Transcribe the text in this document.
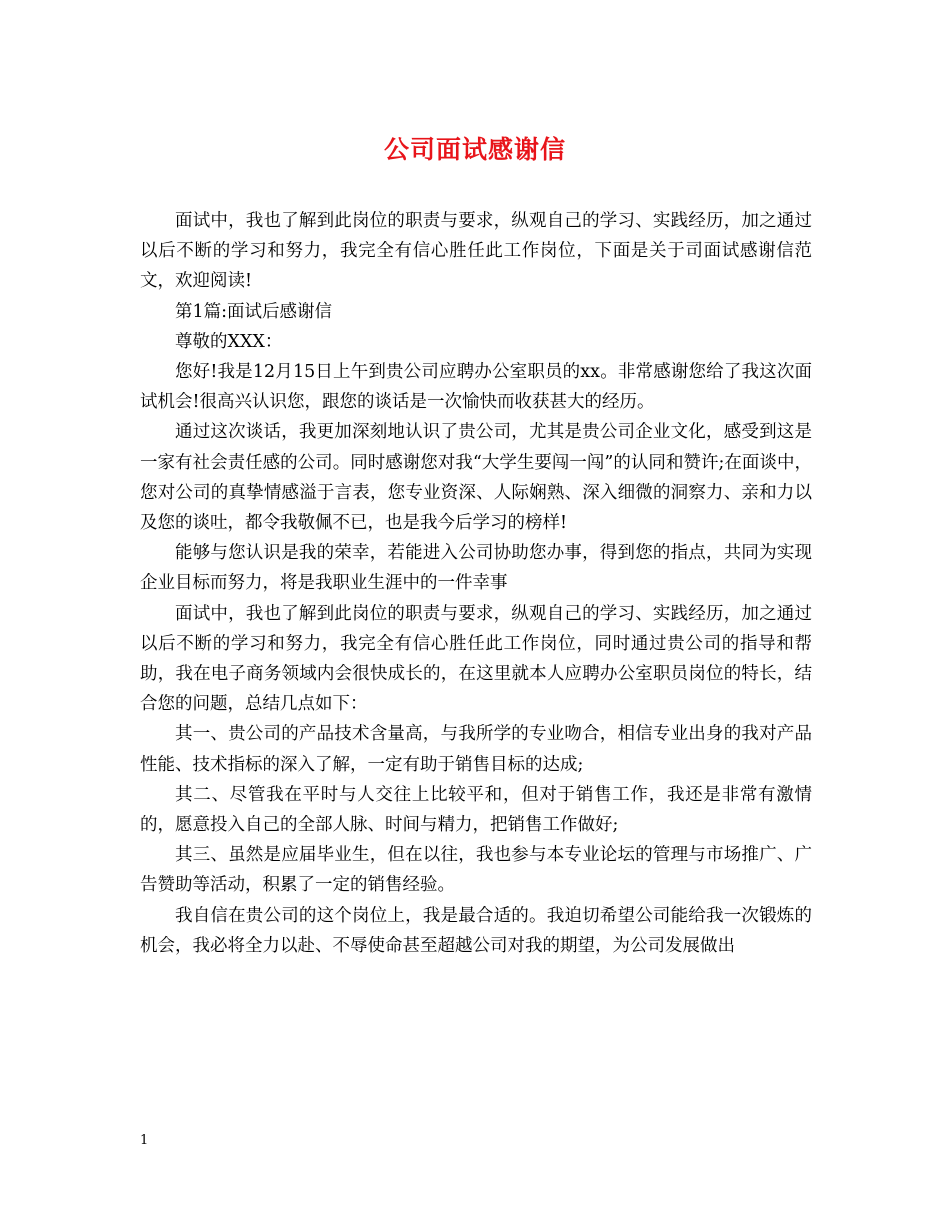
公司面试感谢信

面试中，我也了解到此岗位的职责与要求，纵观自己的学习、实践经历，加之通过以后不断的学习和努力，我完全有信心胜任此工作岗位，下面是关于司面试感谢信范文，欢迎阅读!

第1篇:面试后感谢信

尊敬的XXX：

您好!我是12月15日上午到贵公司应聘办公室职员的xx。非常感谢您给了我这次面试机会!很高兴认识您，跟您的谈话是一次愉快而收获甚大的经历。

通过这次谈话，我更加深刻地认识了贵公司，尤其是贵公司企业文化，感受到这是一家有社会责任感的公司。同时感谢您对我“大学生要闯一闯”的认同和赞许;在面谈中，您对公司的真挚情感溢于言表，您专业资深、人际娴熟、深入细微的洞察力、亲和力以及您的谈吐，都令我敬佩不已，也是我今后学习的榜样!

能够与您认识是我的荣幸，若能进入公司协助您办事，得到您的指点，共同为实现企业目标而努力，将是我职业生涯中的一件幸事

面试中，我也了解到此岗位的职责与要求，纵观自己的学习、实践经历，加之通过以后不断的学习和努力，我完全有信心胜任此工作岗位，同时通过贵公司的指导和帮助，我在电子商务领域内会很快成长的，在这里就本人应聘办公室职员岗位的特长，结合您的问题，总结几点如下：

其一、贵公司的产品技术含量高，与我所学的专业吻合，相信专业出身的我对产品性能、技术指标的深入了解，一定有助于销售目标的达成;

其二、尽管我在平时与人交往上比较平和，但对于销售工作，我还是非常有激情的，愿意投入自己的全部人脉、时间与精力，把销售工作做好;

其三、虽然是应届毕业生，但在以往，我也参与本专业论坛的管理与市场推广、广告赞助等活动，积累了一定的销售经验。

我自信在贵公司的这个岗位上，我是最合适的。我迫切希望公司能给我一次锻炼的机会，我必将全力以赴、不辱使命甚至超越公司对我的期望，为公司发展做出

1
